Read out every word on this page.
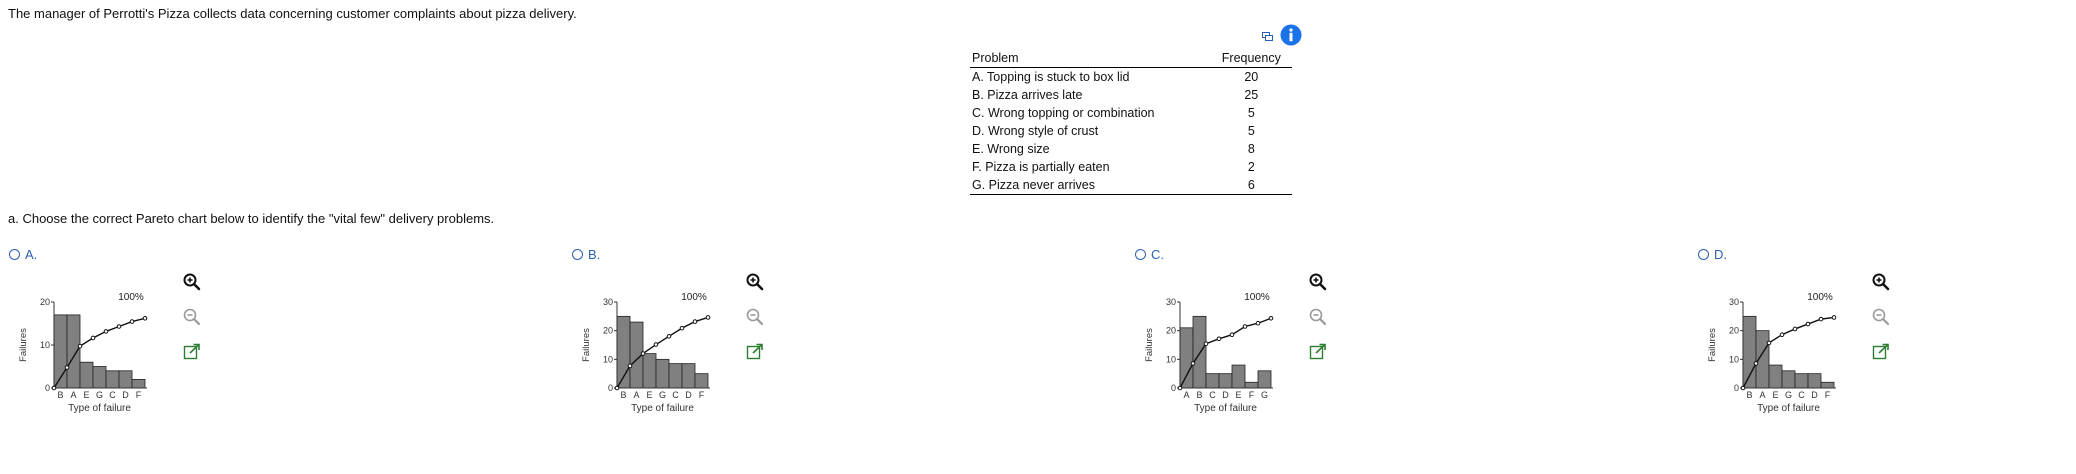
The manager of Perrotti's Pizza collects data concerning customer complaints about pizza delivery.
Problem	Frequency
A. Topping is stuck to box lid	20
B. Pizza arrives late	25
C. Wrong topping or combination	5
D. Wrong style of crust	5
E. Wrong size	8
F. Pizza is partially eaten	2
G. Pizza never arrives	6
a. Choose the correct Pareto chart below to identify the "vital few" delivery problems.
A.
0
10
20
Failures
B A E G C D F
100%
Type of failure
B.
0
10
20
30
Failures
B A E G C D F
100%
Type of failure
C.
0
10
20
30
Failures
A B C D E F G
100%
Type of failure
D.
0
10
20
30
Failures
B A E G C D F
100%
Type of failure
